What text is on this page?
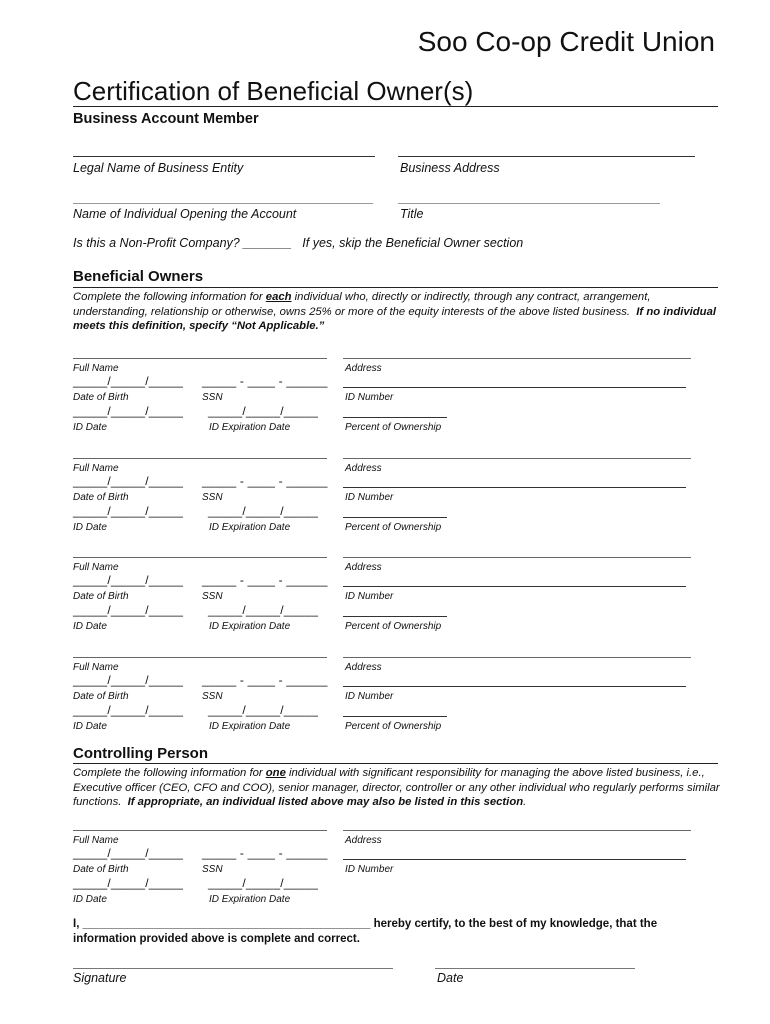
Soo Co-op Credit Union
Certification of Beneficial Owner(s)
Business Account Member
Legal Name of Business Entity	Business Address
Name of Individual Opening the Account	Title
Is this a Non-Profit Company? _______ If yes, skip the Beneficial Owner section
Beneficial Owners
Complete the following information for each individual who, directly or indirectly, through any contract, arrangement, understanding, relationship or otherwise, owns 25% or more of the equity interests of the above listed business. If no individual meets this definition, specify “Not Applicable.”
Full Name	Address
_____/_____/_____ _____ - ____ - ______
Date of Birth	SSN	ID Number
_____/_____/_____ _____/_____/_____
ID Date	ID Expiration Date	Percent of Ownership
Full Name	Address
_____/_____/_____ _____ - ____ - ______
Date of Birth	SSN	ID Number
_____/_____/_____ _____/_____/_____
ID Date	ID Expiration Date	Percent of Ownership
Full Name	Address
_____/_____/_____ _____ - ____ - ______
Date of Birth	SSN	ID Number
_____/_____/_____ _____/_____/_____
ID Date	ID Expiration Date	Percent of Ownership
Full Name	Address
_____/_____/_____ _____ - ____ - ______
Date of Birth	SSN	ID Number
_____/_____/_____ _____/_____/_____
ID Date	ID Expiration Date	Percent of Ownership
Controlling Person
Complete the following information for one individual with significant responsibility for managing the above listed business, i.e., Executive officer (CEO, CFO and COO), senior manager, director, controller or any other individual who regularly performs similar functions. If appropriate, an individual listed above may also be listed in this section.
Full Name	Address
_____/_____/_____ _____ - ____ - ______
Date of Birth	SSN	ID Number
_____/_____/_____ _____/_____/_____
ID Date	ID Expiration Date
I, _____________________________________________ hereby certify, to the best of my knowledge, that the
information provided above is complete and correct.
Signature	Date
